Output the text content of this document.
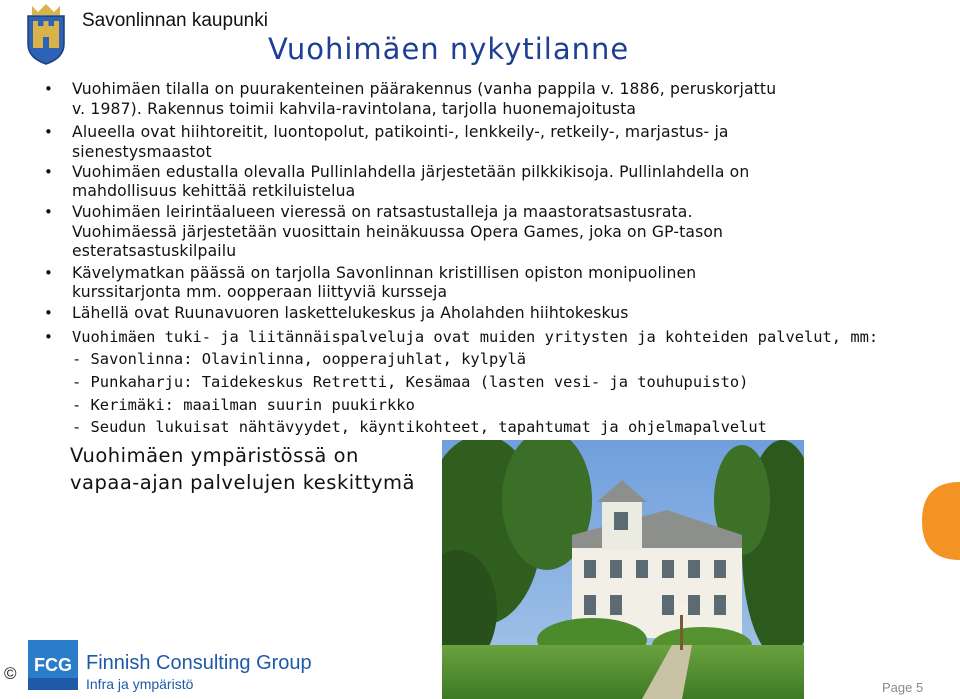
Savonlinnan kaupunki
Vuohimäen nykytilanne
• Vuohimäen tilalla on puurakenteinen päärakennus (vanha pappila v. 1886, peruskorjattu
v. 1987). Rakennus toimii kahvila-ravintolana, tarjolla huonemajoitusta
• Alueella ovat hiihtoreitit, luontopolut, patikointi-, lenkkeily-, retkeily-, marjastus- ja
sienestysmaastot
• Vuohimäen edustalla olevalla Pullinlahdella järjestetään pilkkikisoja. Pullinlahdella on
mahdollisuus kehittää retkiluistelua
• Vuohimäen leirintäalueen vieressä on ratsastustalleja ja maastoratsastusrata.
Vuohimäessä järjestetään vuosittain heinäkuussa Opera Games, joka on GP-tason
esteratsastuskilpailu
• Kävelymatkan päässä on tarjolla Savonlinnan kristillisen opiston monipuolinen
kurssitarjonta mm. oopperaan liittyviä kursseja
• Lähellä ovat Ruunavuoren laskettelukeskus ja Aholahden hiihtokeskus
• Vuohimäen tuki- ja liitännäispalveluja ovat muiden yritysten ja kohteiden palvelut, mm:
- Savonlinna: Olavinlinna, oopperajuhlat, kylpylä
- Punkaharju: Taidekeskus Retretti, Kesämaa (lasten vesi- ja touhupuisto)
- Kerimäki: maailman suurin puukirkko
- Seudun lukuisat nähtävyydet, käyntikohteet, tapahtumat ja ohjelmapalvelut
Vuohimäen ympäristössä on
vapaa-ajan palvelujen keskittymä
© FCG Finnish Consulting Group
Infra ja ympäristö	Page 5
